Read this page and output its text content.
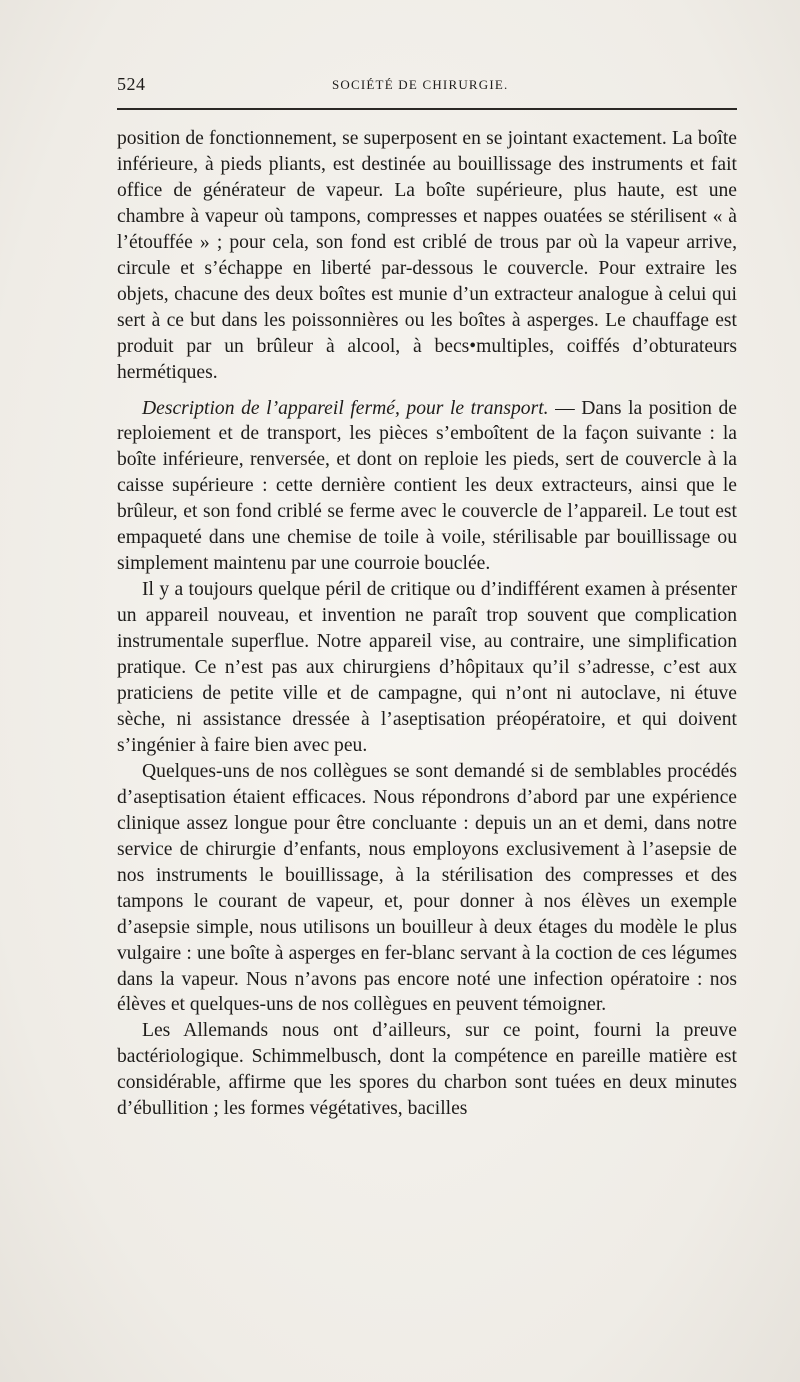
524	SOCIÉTÉ DE CHIRURGIE.

position de fonctionnement, se superposent en se jointant exactement. La boîte inférieure, à pieds pliants, est destinée au bouillissage des instruments et fait office de générateur de vapeur. La boîte supérieure, plus haute, est une chambre à vapeur où tampons, compresses et nappes ouatées se stérilisent « à l’étouffée » ; pour cela, son fond est criblé de trous par où la vapeur arrive, circule et s’échappe en liberté par-dessous le couvercle. Pour extraire les objets, chacune des deux boîtes est munie d’un extracteur analogue à celui qui sert à ce but dans les poissonnières ou les boîtes à asperges. Le chauffage est produit par un brûleur à alcool, à becs•multiples, coiffés d’obturateurs hermétiques.

Description de l’appareil fermé, pour le transport. — Dans la position de reploiement et de transport, les pièces s’emboîtent de la façon suivante : la boîte inférieure, renversée, et dont on reploie les pieds, sert de couvercle à la caisse supérieure : cette dernière contient les deux extracteurs, ainsi que le brûleur, et son fond criblé se ferme avec le couvercle de l’appareil. Le tout est empaqueté dans une chemise de toile à voile, stérilisable par bouillissage ou simplement maintenu par une courroie bouclée.

Il y a toujours quelque péril de critique ou d’indifférent examen à présenter un appareil nouveau, et invention ne paraît trop souvent que complication instrumentale superflue. Notre appareil vise, au contraire, une simplification pratique. Ce n’est pas aux chirurgiens d’hôpitaux qu’il s’adresse, c’est aux praticiens de petite ville et de campagne, qui n’ont ni autoclave, ni étuve sèche, ni assistance dressée à l’aseptisation préopératoire, et qui doivent s’ingénier à faire bien avec peu.

Quelques-uns de nos collègues se sont demandé si de semblables procédés d’aseptisation étaient efficaces. Nous répondrons d’abord par une expérience clinique assez longue pour être concluante : depuis un an et demi, dans notre service de chirurgie d’enfants, nous employons exclusivement à l’asepsie de nos instruments le bouillissage, à la stérilisation des compresses et des tampons le courant de vapeur, et, pour donner à nos élèves un exemple d’asepsie simple, nous utilisons un bouilleur à deux étages du modèle le plus vulgaire : une boîte à asperges en fer-blanc servant à la coction de ces légumes dans la vapeur. Nous n’avons pas encore noté une infection opératoire : nos élèves et quelques-uns de nos collègues en peuvent témoigner.

Les Allemands nous ont d’ailleurs, sur ce point, fourni la preuve bactériologique. Schimmelbusch, dont la compétence en pareille matière est considérable, affirme que les spores du charbon sont tuées en deux minutes d’ébullition ; les formes végétatives, bacilles
